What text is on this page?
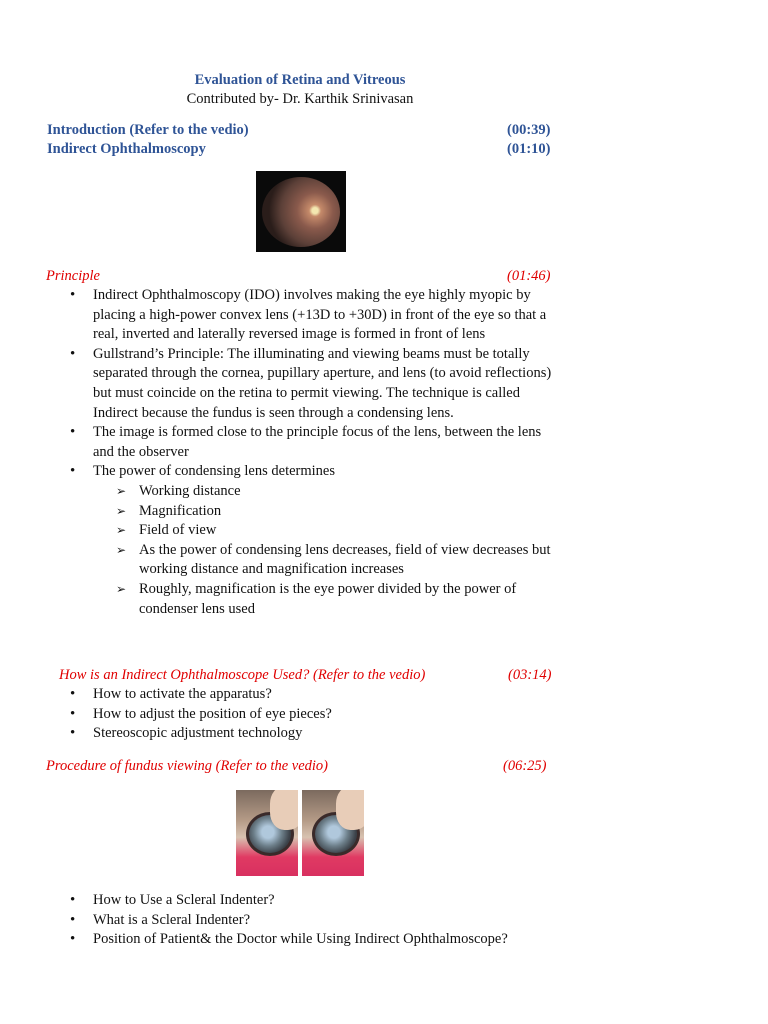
Evaluation of Retina and Vitreous
Contributed by- Dr. Karthik Srinivasan
Introduction (Refer to the vedio)	(00:39)
Indirect Ophthalmoscopy	(01:10)
Principle	(01:46)
• Indirect Ophthalmoscopy (IDO) involves making the eye highly myopic by placing a high-power convex lens (+13D to +30D) in front of the eye so that a real, inverted and laterally reversed image is formed in front of lens
• Gullstrand’s Principle: The illuminating and viewing beams must be totally separated through the cornea, pupillary aperture, and lens (to avoid reflections) but must coincide on the retina to permit viewing. The technique is called Indirect because the fundus is seen through a condensing lens.
• The image is formed close to the principle focus of the lens, between the lens and the observer
• The power of condensing lens determines
➢ Working distance
➢ Magnification
➢ Field of view
➢ As the power of condensing lens decreases, field of view decreases but working distance and magnification increases
➢ Roughly, magnification is the eye power divided by the power of condenser lens used
How is an Indirect Ophthalmoscope Used? (Refer to the vedio)	(03:14)
• How to activate the apparatus?
• How to adjust the position of eye pieces?
• Stereoscopic adjustment technology
Procedure of fundus viewing (Refer to the vedio)	(06:25)
• How to Use a Scleral Indenter?
• What is a Scleral Indenter?
• Position of Patient& the Doctor while Using Indirect Ophthalmoscope?
